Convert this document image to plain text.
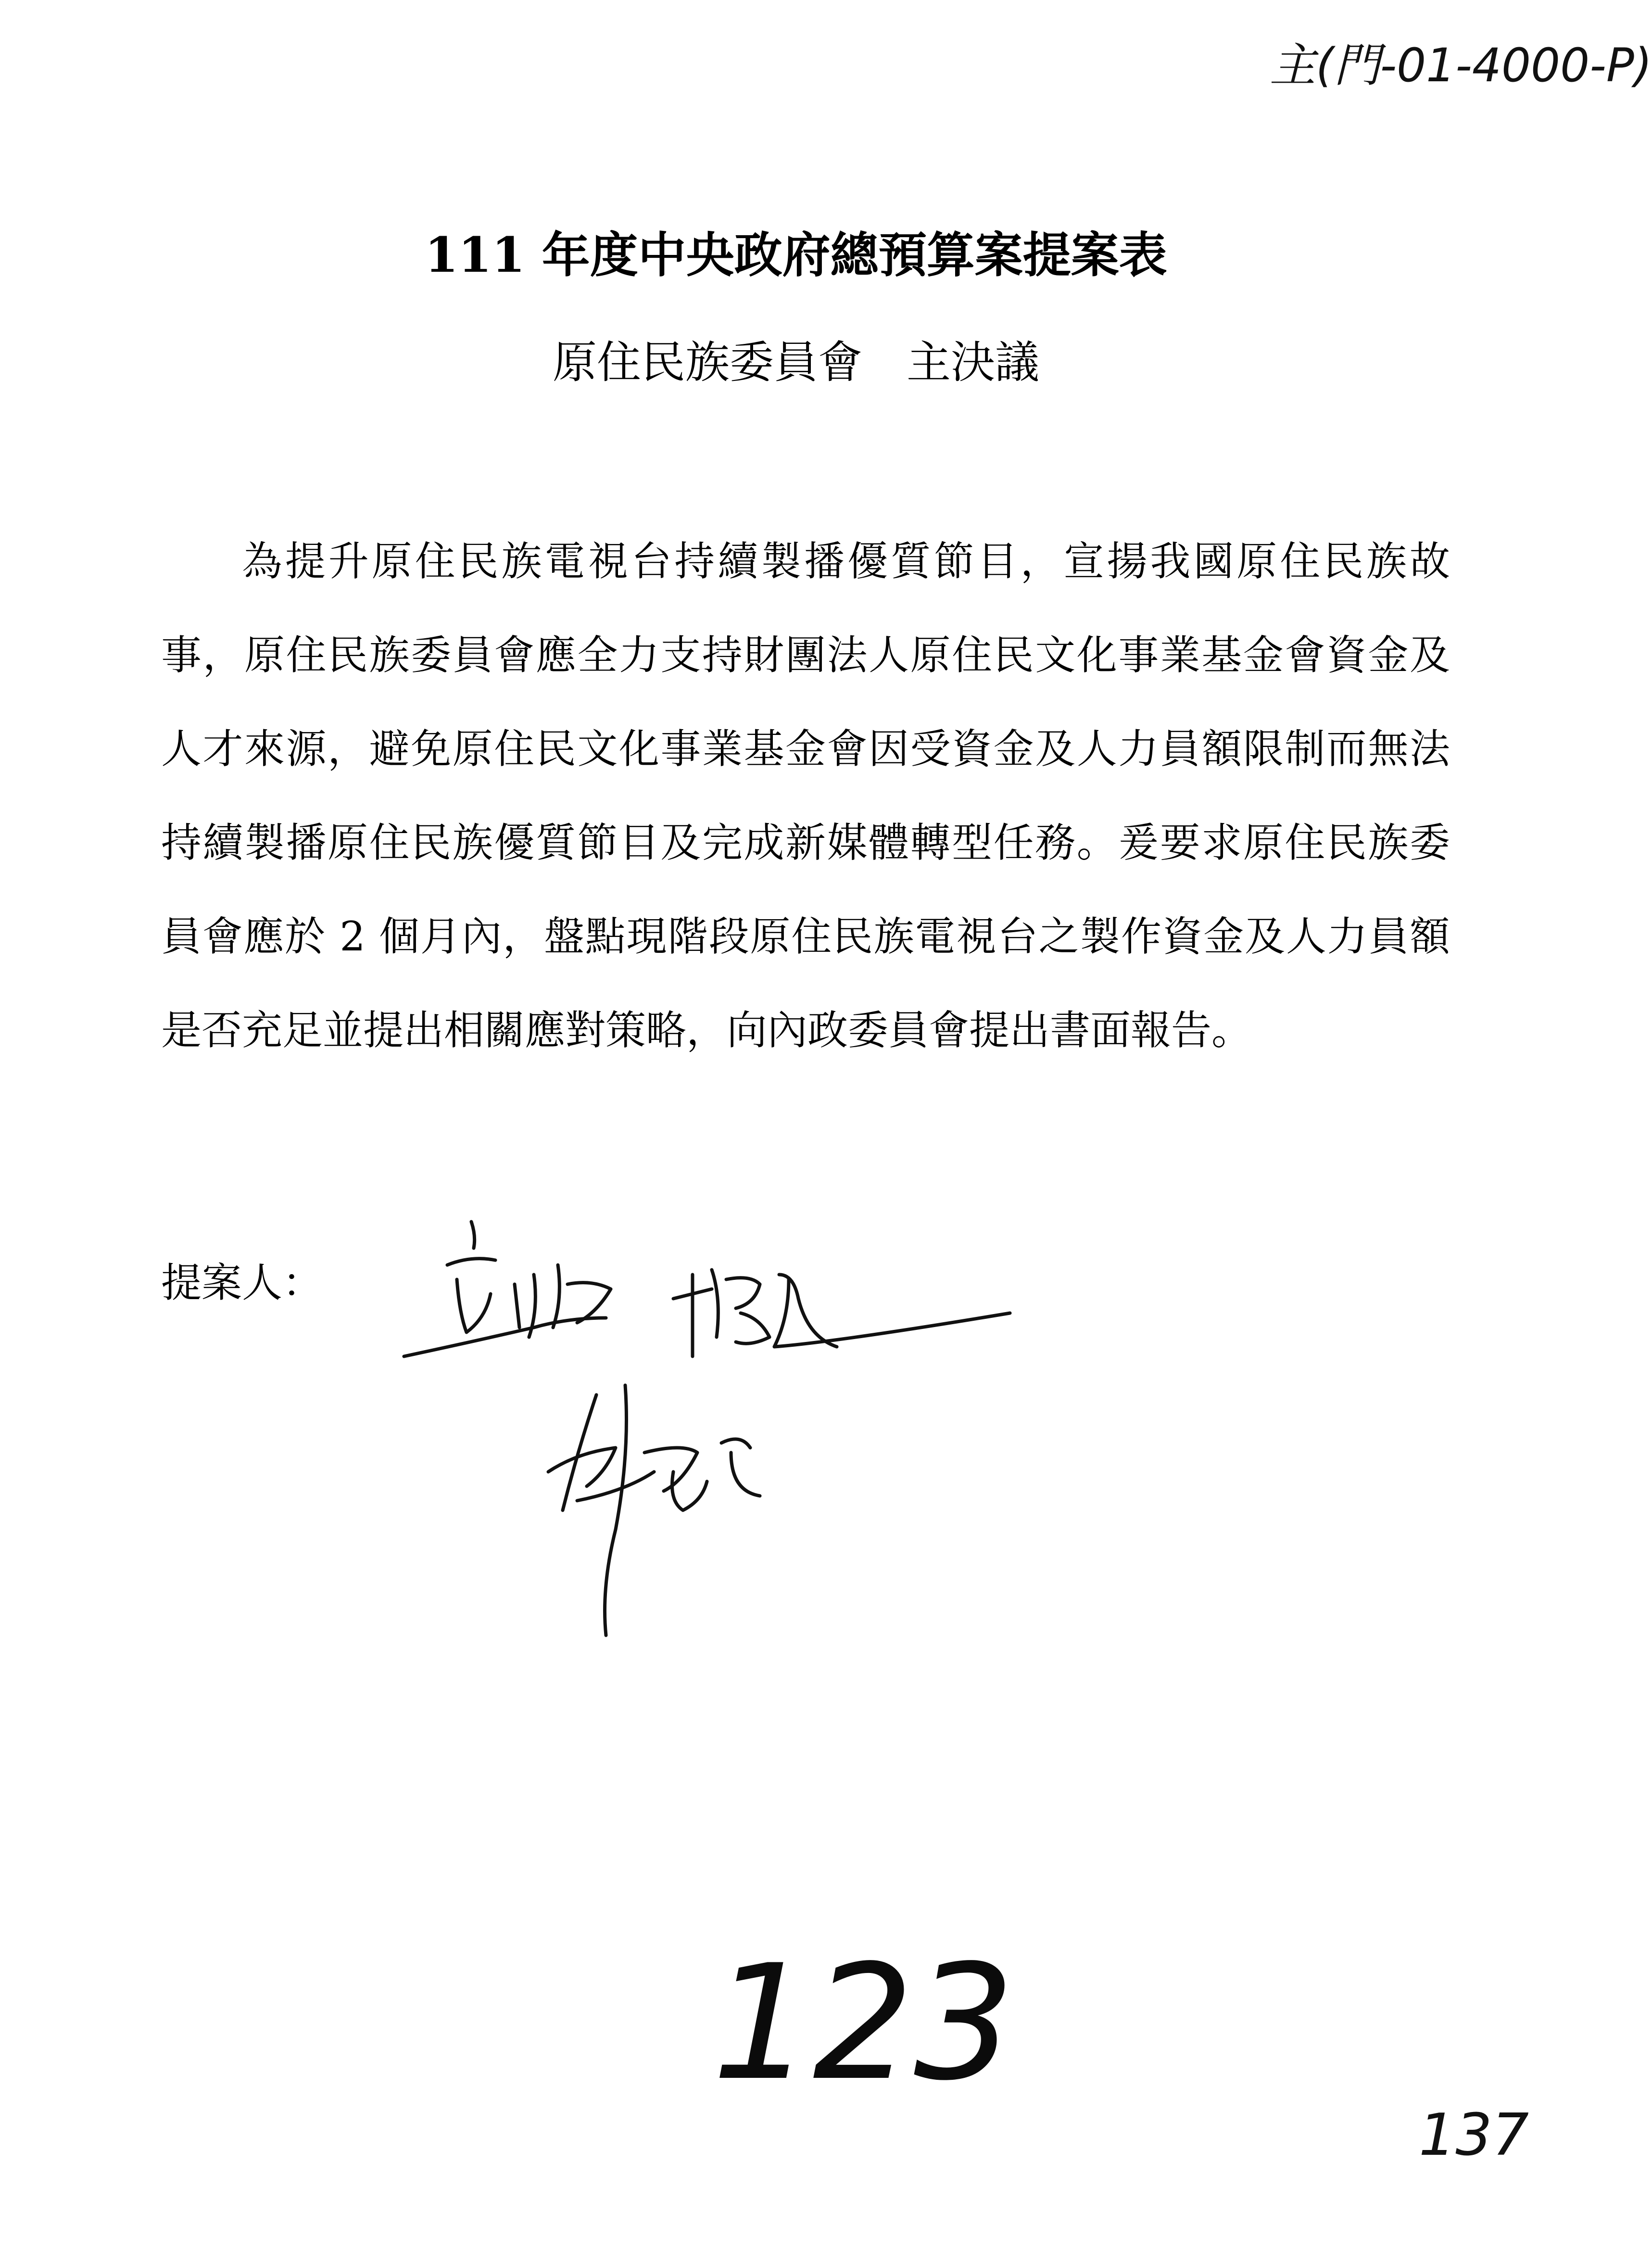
主(門-01-4000-P)
111 年度中央政府總預算案提案表
原住民族委員會　主決議

為提升原住民族電視台持續製播優質節目，宣揚我國原住民族故事，原住民族委員會應全力支持財團法人原住民文化事業基金會資金及人才來源，避免原住民文化事業基金會因受資金及人力員額限制而無法持續製播原住民族優質節目及完成新媒體轉型任務。爰要求原住民族委員會應於 2 個月內，盤點現階段原住民族電視台之製作資金及人力員額是否充足並提出相關應對策略，向內政委員會提出書面報告。

提案人：
123
137
